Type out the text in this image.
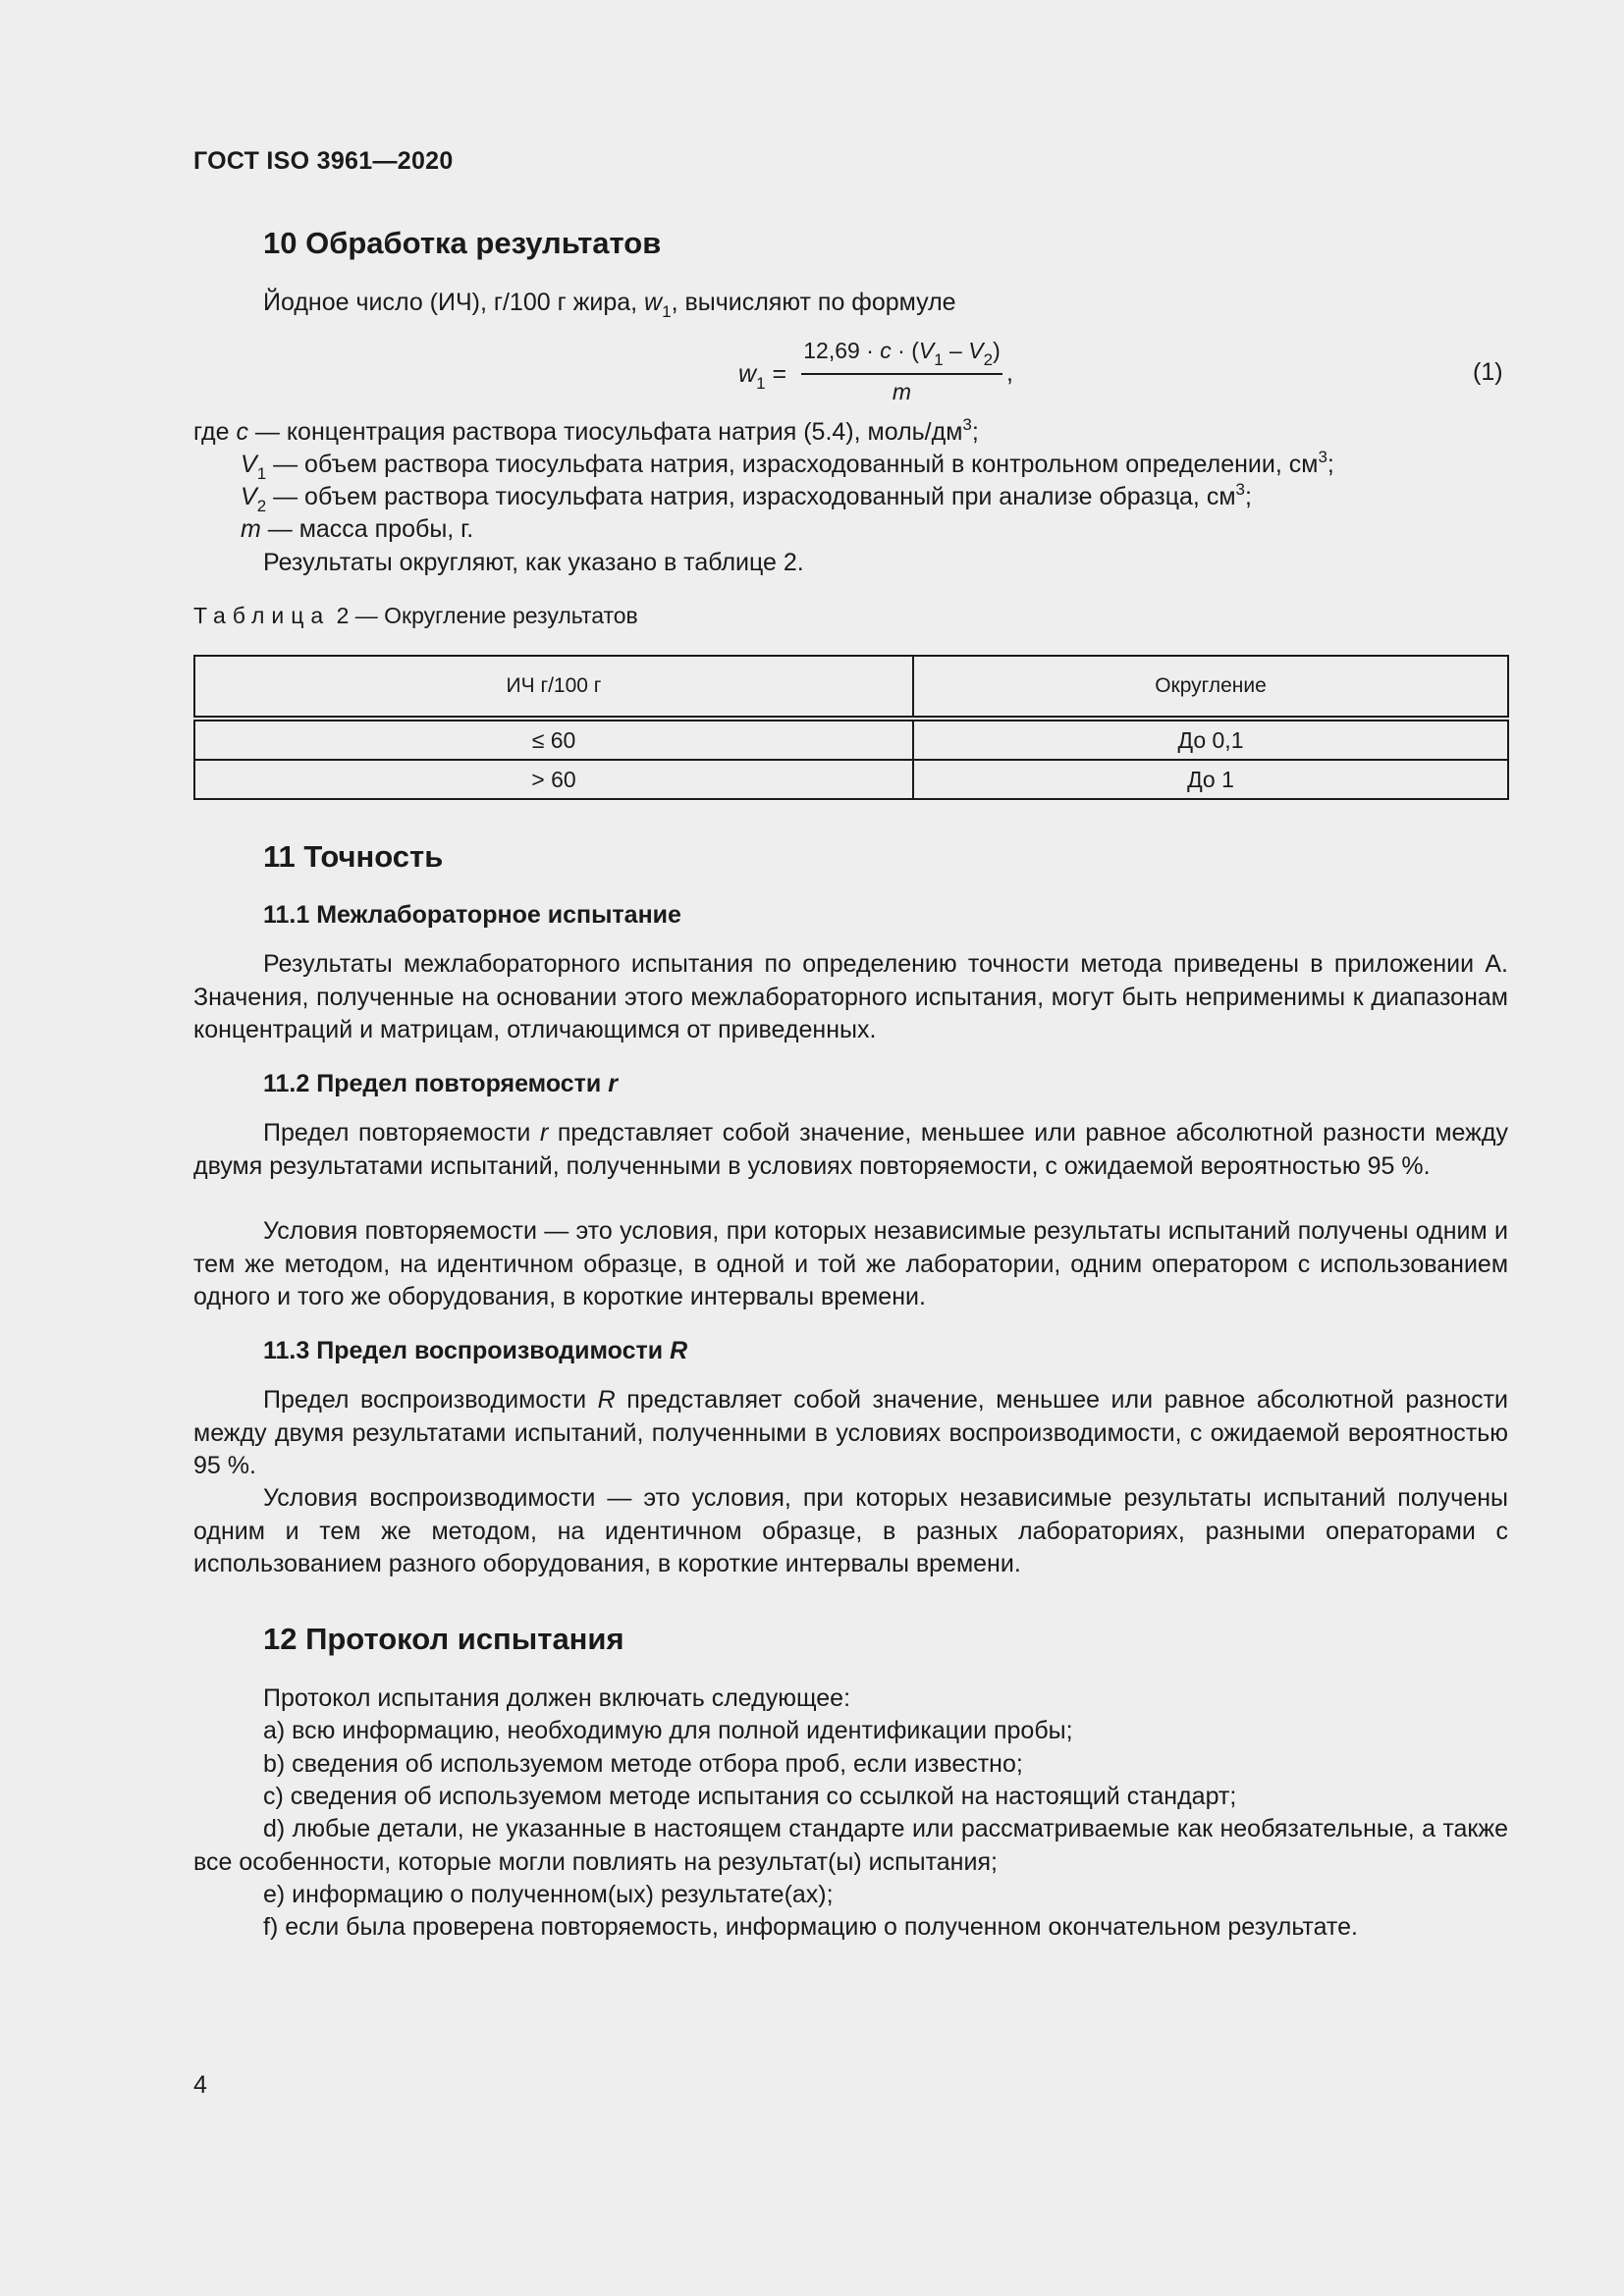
ГОСТ ISO 3961—2020
10 Обработка результатов
Йодное число (ИЧ), г/100 г жира, $w_1$, вычисляют по формуле
$w_1$ =
$12,69 \cdot c \cdot (V_1 - V_2)$
m
,	(1)
где c — концентрация раствора тиосульфата натрия (5.4), моль/$дм^3$;
$V_1$ — объем раствора тиосульфата натрия, израсходованный в контрольном определении, $см^3$;
$V_2$ — объем раствора тиосульфата натрия, израсходованный при анализе образца, $см^3$;
m — масса пробы, г.
Результаты округляют, как указано в таблице 2.
Таблица 2 — Округление результатов
ИЧ г/100 г	Округление
≤ 60	До 0,1
> 60	До 1
11 Точность
11.1 Межлабораторное испытание
Результаты межлабораторного испытания по определению точности метода приведены в приложении А. Значения, полученные на основании этого межлабораторного испытания, могут быть неприменимы к диапазонам концентраций и матрицам, отличающимся от приведенных.
11.2 Предел повторяемости r
Предел повторяемости r представляет собой значение, меньшее или равное абсолютной разности между двумя результатами испытаний, полученными в условиях повторяемости, с ожидаемой вероятностью 95 %.
Условия повторяемости — это условия, при которых независимые результаты испытаний получены одним и тем же методом, на идентичном образце, в одной и той же лаборатории, одним оператором с использованием одного и того же оборудования, в короткие интервалы времени.
11.3 Предел воспроизводимости R
Предел воспроизводимости R представляет собой значение, меньшее или равное абсолютной разности между двумя результатами испытаний, полученными в условиях воспроизводимости, с ожидаемой вероятностью 95 %.
Условия воспроизводимости — это условия, при которых независимые результаты испытаний получены одним и тем же методом, на идентичном образце, в разных лабораториях, разными операторами с использованием разного оборудования, в короткие интервалы времени.
12 Протокол испытания
Протокол испытания должен включать следующее:
a) всю информацию, необходимую для полной идентификации пробы;
b) сведения об используемом методе отбора проб, если известно;
c) сведения об используемом методе испытания со ссылкой на настоящий стандарт;
d) любые детали, не указанные в настоящем стандарте или рассматриваемые как необязательные, а также все особенности, которые могли повлиять на результат(ы) испытания;
e) информацию о полученном(ых) результате(ах);
f) если была проверена повторяемость, информацию о полученном окончательном результате.
4
